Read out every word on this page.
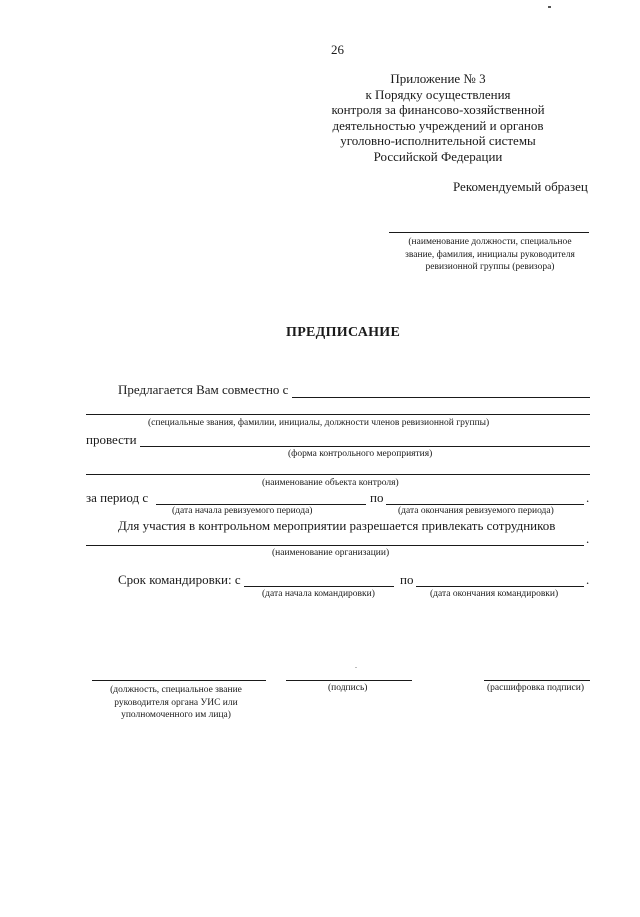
26
Приложение № 3
к Порядку осуществления
контроля за финансово-хозяйственной
деятельностью учреждений и органов
уголовно-исполнительной системы
Российской Федерации
Рекомендуемый образец
(наименование должности, специальное
звание, фамилия, инициалы руководителя
ревизионной группы (ревизора)
ПРЕДПИСАНИЕ
Предлагается Вам совместно с
(специальные звания, фамилии, инициалы, должности членов ревизионной группы)
провести
(форма контрольного мероприятия)
(наименование объекта контроля)
за период с	по	.
(дата начала ревизуемого периода)	(дата окончания ревизуемого периода)
Для участия в контрольном мероприятии разрешается привлекать сотрудников
.
(наименование организации)
Срок командировки: с	по	.
(дата начала командировки)	(дата окончания командировки)
(должность, специальное звание
руководителя органа УИС или
уполномоченного им лица)
(подпись)	(расшифровка подписи)
